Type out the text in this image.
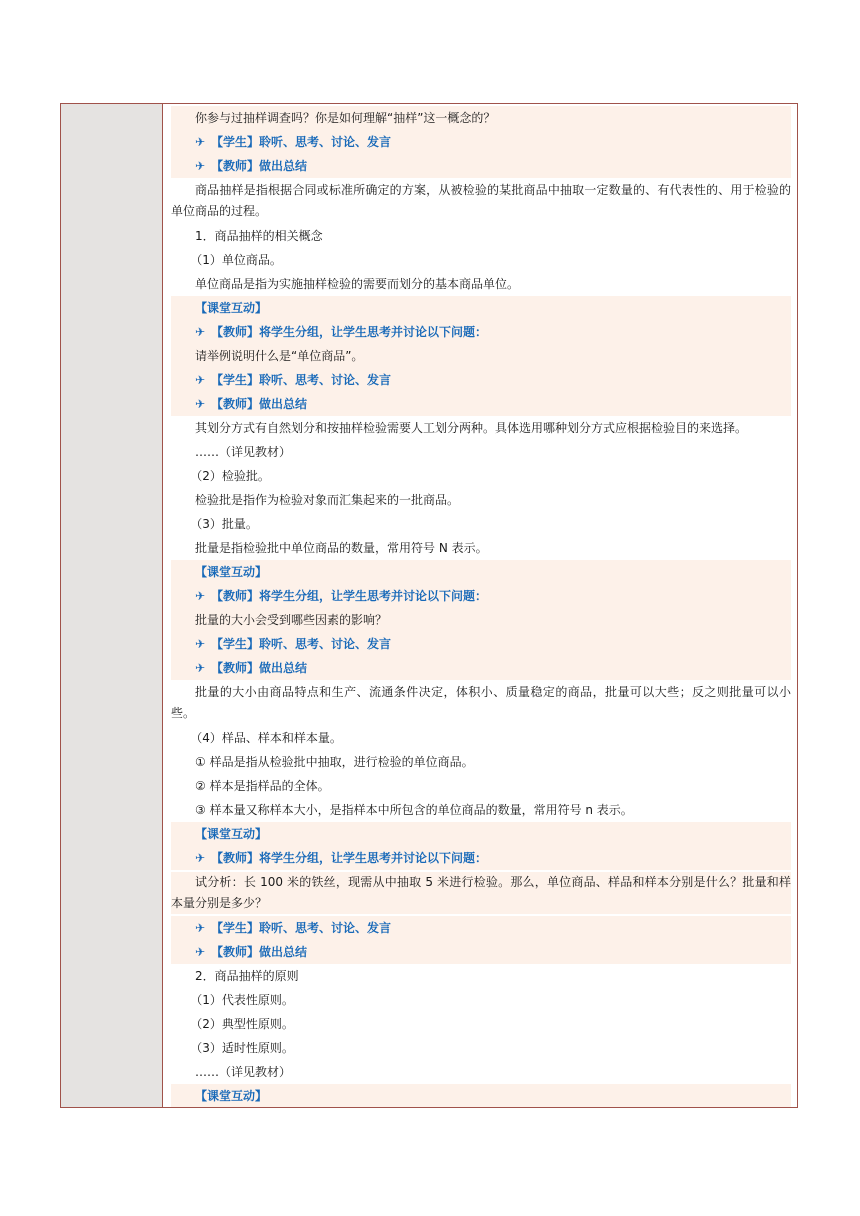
你参与过抽样调查吗？你是如何理解“抽样”这一概念的？
✈ 【学生】聆听、思考、讨论、发言
✈ 【教师】做出总结
商品抽样是指根据合同或标准所确定的方案，从被检验的某批商品中抽取一定数量的、有代表性的、用于检验的单位商品的过程。
1．商品抽样的相关概念
（1）单位商品。
单位商品是指为实施抽样检验的需要而划分的基本商品单位。
【课堂互动】
✈ 【教师】将学生分组，让学生思考并讨论以下问题：
请举例说明什么是“单位商品”。
✈ 【学生】聆听、思考、讨论、发言
✈ 【教师】做出总结
其划分方式有自然划分和按抽样检验需要人工划分两种。具体选用哪种划分方式应根据检验目的来选择。
……（详见教材）
（2）检验批。
检验批是指作为检验对象而汇集起来的一批商品。
（3）批量。
批量是指检验批中单位商品的数量，常用符号 N 表示。
【课堂互动】
✈ 【教师】将学生分组，让学生思考并讨论以下问题：
批量的大小会受到哪些因素的影响？
✈ 【学生】聆听、思考、讨论、发言
✈ 【教师】做出总结
批量的大小由商品特点和生产、流通条件决定，体积小、质量稳定的商品，批量可以大些；反之则批量可以小些。
（4）样品、样本和样本量。
① 样品是指从检验批中抽取，进行检验的单位商品。
② 样本是指样品的全体。
③ 样本量又称样本大小，是指样本中所包含的单位商品的数量，常用符号 n 表示。
【课堂互动】
✈ 【教师】将学生分组，让学生思考并讨论以下问题：
试分析：长 100 米的铁丝，现需从中抽取 5 米进行检验。那么，单位商品、样品和样本分别是什么？批量和样本量分别是多少？
✈ 【学生】聆听、思考、讨论、发言
✈ 【教师】做出总结
2．商品抽样的原则
（1）代表性原则。
（2）典型性原则。
（3）适时性原则。
……（详见教材）
【课堂互动】
